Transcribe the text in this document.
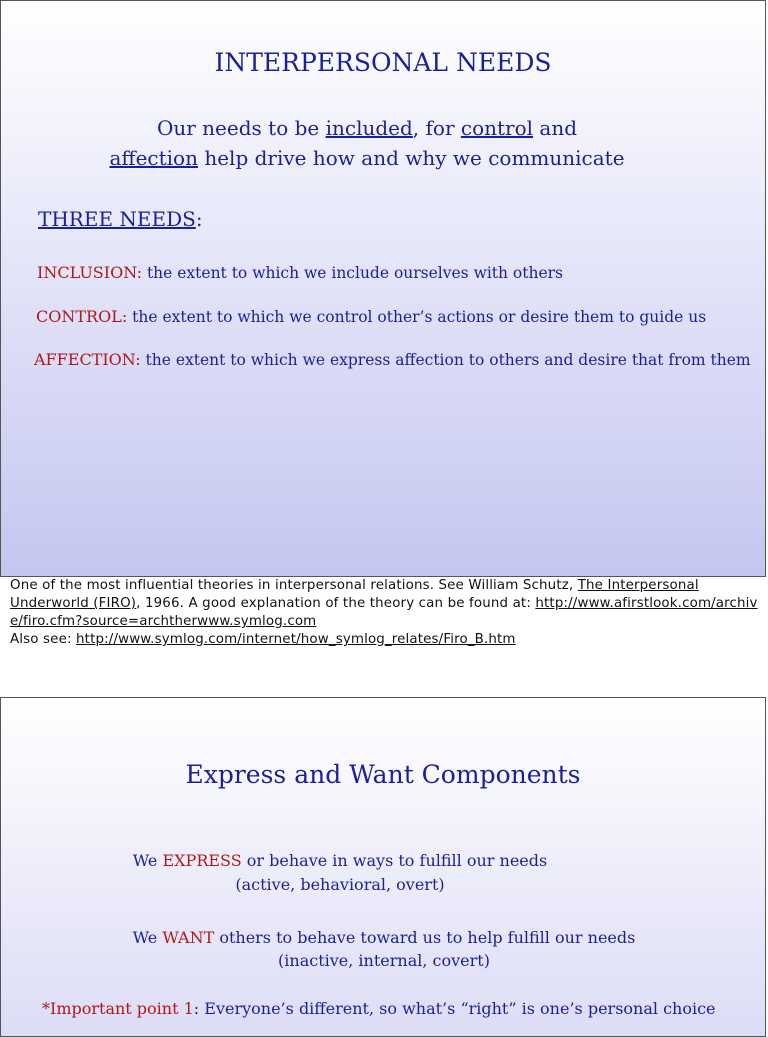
INTERPERSONAL NEEDS
Our needs to be included, for control and
affection help drive how and why we communicate
THREE NEEDS:
INCLUSION: the extent to which we include ourselves with others
CONTROL: the extent to which we control other’s actions or desire them to guide us
AFFECTION: the extent to which we express affection to others and desire that from them
One of the most influential theories in interpersonal relations. See William Schutz, The Interpersonal Underworld (FIRO), 1966. A good explanation of the theory can be found at: http://www.afirstlook.com/archive/firo.cfm?source=archtherwww.symlog.com
Also see: http://www.symlog.com/internet/how_symlog_relates/Firo_B.htm
Express and Want Components
We EXPRESS or behave in ways to fulfill our needs
(active, behavioral, overt)
We WANT others to behave toward us to help fulfill our needs
(inactive, internal, covert)
*Important point 1: Everyone’s different, so what’s “right” is one’s personal choice
